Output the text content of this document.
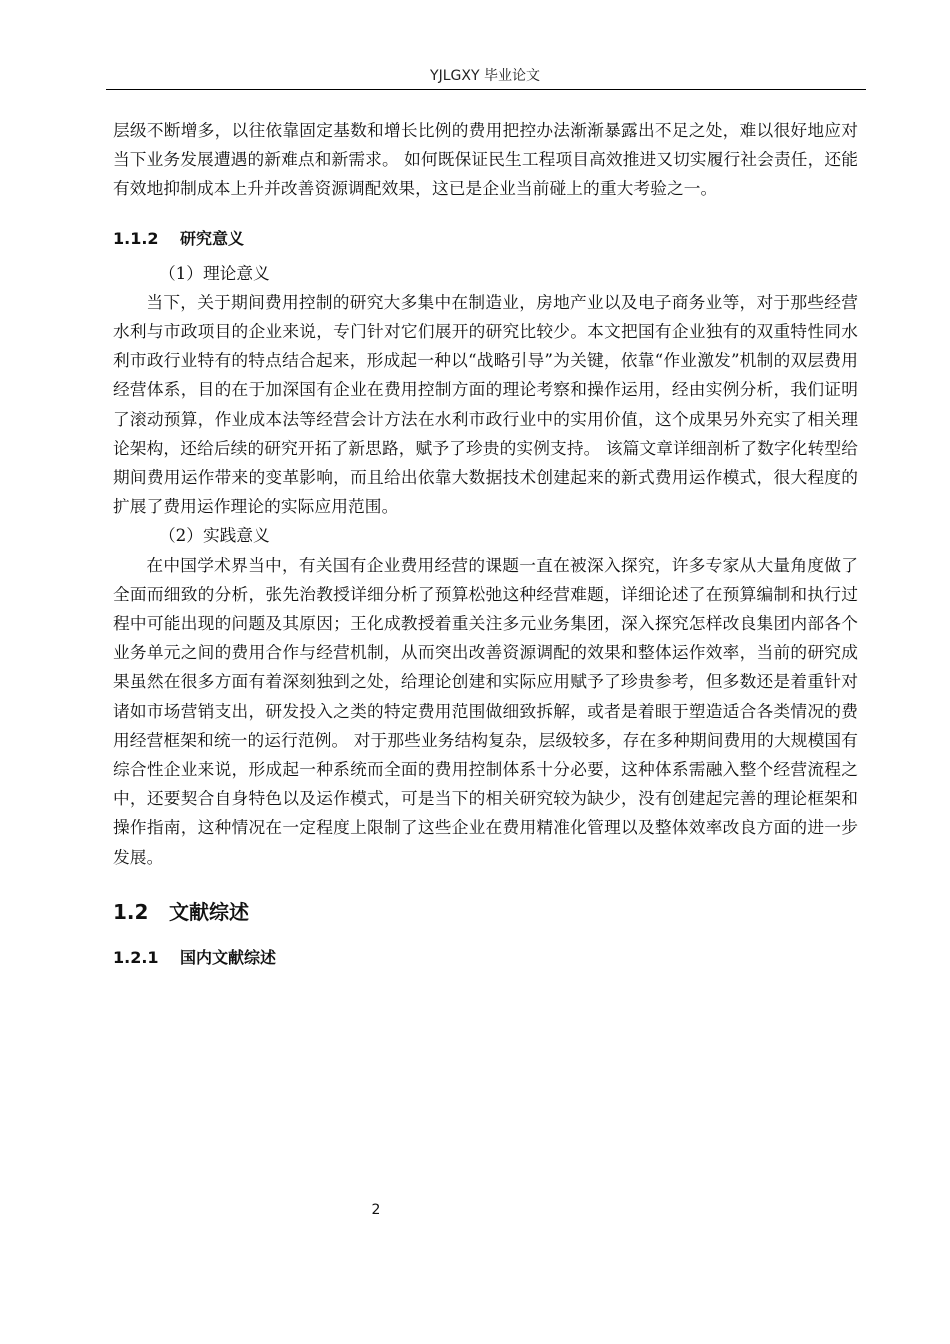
YJLGXY 毕业论文

层级不断增多，以往依靠固定基数和增长比例的费用把控办法渐渐暴露出不足之处，难以很好地应对当下业务发展遭遇的新难点和新需求。 如何既保证民生工程项目高效推进又切实履行社会责任，还能有效地抑制成本上升并改善资源调配效果，这已是企业当前碰上的重大考验之一。

1.1.2 研究意义

（1）理论意义

当下，关于期间费用控制的研究大多集中在制造业，房地产业以及电子商务业等，对于那些经营水利与市政项目的企业来说，专门针对它们展开的研究比较少。本文把国有企业独有的双重特性同水利市政行业特有的特点结合起来，形成起一种以“战略引导”为关键，依靠“作业激发”机制的双层费用经营体系，目的在于加深国有企业在费用控制方面的理论考察和操作运用，经由实例分析，我们证明了滚动预算，作业成本法等经营会计方法在水利市政行业中的实用价值，这个成果另外充实了相关理论架构，还给后续的研究开拓了新思路，赋予了珍贵的实例支持。 该篇文章详细剖析了数字化转型给期间费用运作带来的变革影响，而且给出依靠大数据技术创建起来的新式费用运作模式，很大程度的扩展了费用运作理论的实际应用范围。

（2）实践意义

在中国学术界当中，有关国有企业费用经营的课题一直在被深入探究，许多专家从大量角度做了全面而细致的分析，张先治教授详细分析了预算松弛这种经营难题，详细论述了在预算编制和执行过程中可能出现的问题及其原因；王化成教授着重关注多元业务集团，深入探究怎样改良集团内部各个业务单元之间的费用合作与经营机制，从而突出改善资源调配的效果和整体运作效率，当前的研究成果虽然在很多方面有着深刻独到之处，给理论创建和实际应用赋予了珍贵参考，但多数还是着重针对诸如市场营销支出，研发投入之类的特定费用范围做细致拆解，或者是着眼于塑造适合各类情况的费用经营框架和统一的运行范例。 对于那些业务结构复杂，层级较多，存在多种期间费用的大规模国有综合性企业来说，形成起一种系统而全面的费用控制体系十分必要，这种体系需融入整个经营流程之中，还要契合自身特色以及运作模式，可是当下的相关研究较为缺少，没有创建起完善的理论框架和操作指南，这种情况在一定程度上限制了这些企业在费用精准化管理以及整体效率改良方面的进一步发展。

1.2 文献综述
1.2.1 国内文献综述
2
